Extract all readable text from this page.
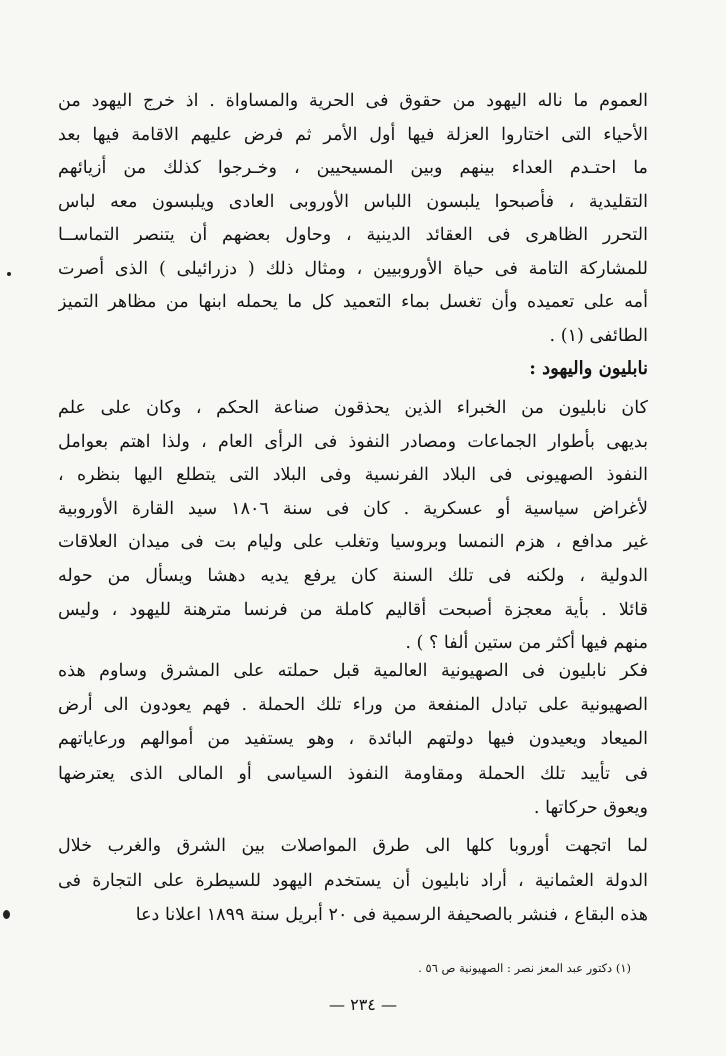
العموم ما ناله اليهود من حقوق فى الحرية والمساواة . اذ خرج اليهود من
الأحياء التى اختاروا العزلة فيها أول الأمر ثم فرض عليهم الاقامة فيها بعد
ما احتـدم العداء بينهم وبين المسيحيين ، وخـرجوا كذلك من أزيائهم
التقليدية ، فأصبحوا يلبسون اللباس الأوروبى العادى ويلبسون معه لباس
التحرر الظاهرى فى العقائد الدينية ، وحاول بعضهم أن يتنصر التماســا
للمشاركة التامة فى حياة الأوروبيين ، ومثال ذلك ( دزرائيلى ) الذى أصرت
أمه على تعميده وأن تغسل بماء التعميد كل ما يحمله ابنها من مظاهر التميز
الطائفى (١) .
نابليون واليهود :
كان نابليون من الخبراء الذين يحذقون صناعة الحكم ، وكان على علم
بديهى بأطوار الجماعات ومصادر النفوذ فى الرأى العام ، ولذا اهتم بعوامل
النفوذ الصهيونى فى البلاد الفرنسية وفى البلاد التى يتطلع اليها بنظره ،
لأغراض سياسية أو عسكرية . كان فى سنة ١٨٠٦ سيد القارة الأوروبية
غير مدافع ، هزم النمسا وبروسيا وتغلب على وليام بت فى ميدان العلاقات
الدولية ، ولكنه فى تلك السنة كان يرفع يديه دهشا ويسأل من حوله
قائلا . بأية معجزة أصبحت أقاليم كاملة من فرنسا مترهنة لليهود ، وليس
منهم فيها أكثر من ستين ألفا ؟ ) .
فكر نابليون فى الصهيونية العالمية قبل حملته على المشرق وساوم هذه
الصهيونية على تبادل المنفعة من وراء تلك الحملة . فهم يعودون الى أرض
الميعاد ويعيدون فيها دولتهم البائدة ، وهو يستفيد من أموالهم ورعاياتهم
فى تأييد تلك الحملة ومقاومة النفوذ السياسى أو المالى الذى يعترضها
ويعوق حركاتها .
لما اتجهت أوروبا كلها الى طرق المواصلات بين الشرق والغرب خلال
الدولة العثمانية ، أراد نابليون أن يستخدم اليهود للسيطرة على التجارة فى
هذه البقاع ، فنشر بالصحيفة الرسمية فى ٢٠ أبريل سنة ١٨٩٩ اعلانا دعا
(١) دكتور عبد المعز نصر : الصهيونية ص ٥٦ .
— ٢٣٤ —
